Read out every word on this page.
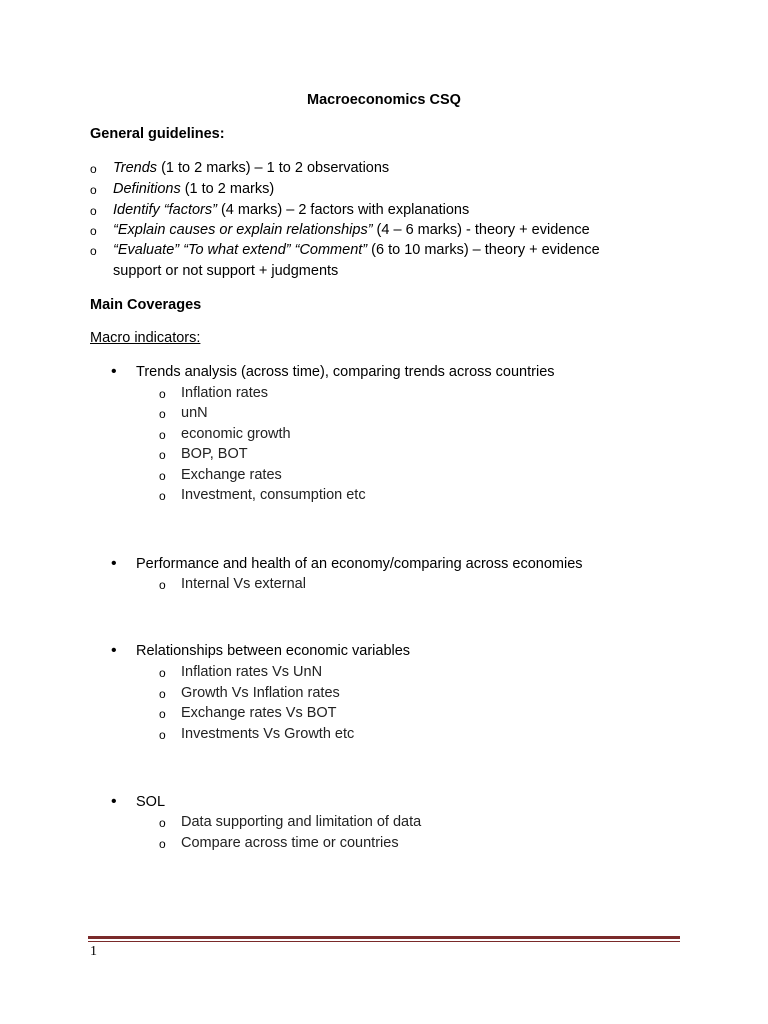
Macroeconomics CSQ
General guidelines:
o Trends (1 to 2 marks) – 1 to 2 observations
o Definitions (1 to 2 marks)
o Identify “factors” (4 marks) – 2 factors with explanations
o “Explain causes or explain relationships” (4 – 6 marks) - theory + evidence
o “Evaluate” “To what extend” “Comment” (6 to 10 marks) – theory + evidence
support or not support + judgments
Main Coverages
Macro indicators:
• Trends analysis (across time), comparing trends across countries
o Inflation rates
o unN
o economic growth
o BOP, BOT
o Exchange rates
o Investment, consumption etc
• Performance and health of an economy/comparing across economies
o Internal Vs external
• Relationships between economic variables
o Inflation rates Vs UnN
o Growth Vs Inflation rates
o Exchange rates Vs BOT
o Investments Vs Growth etc
• SOL
o Data supporting and limitation of data
o Compare across time or countries
1
